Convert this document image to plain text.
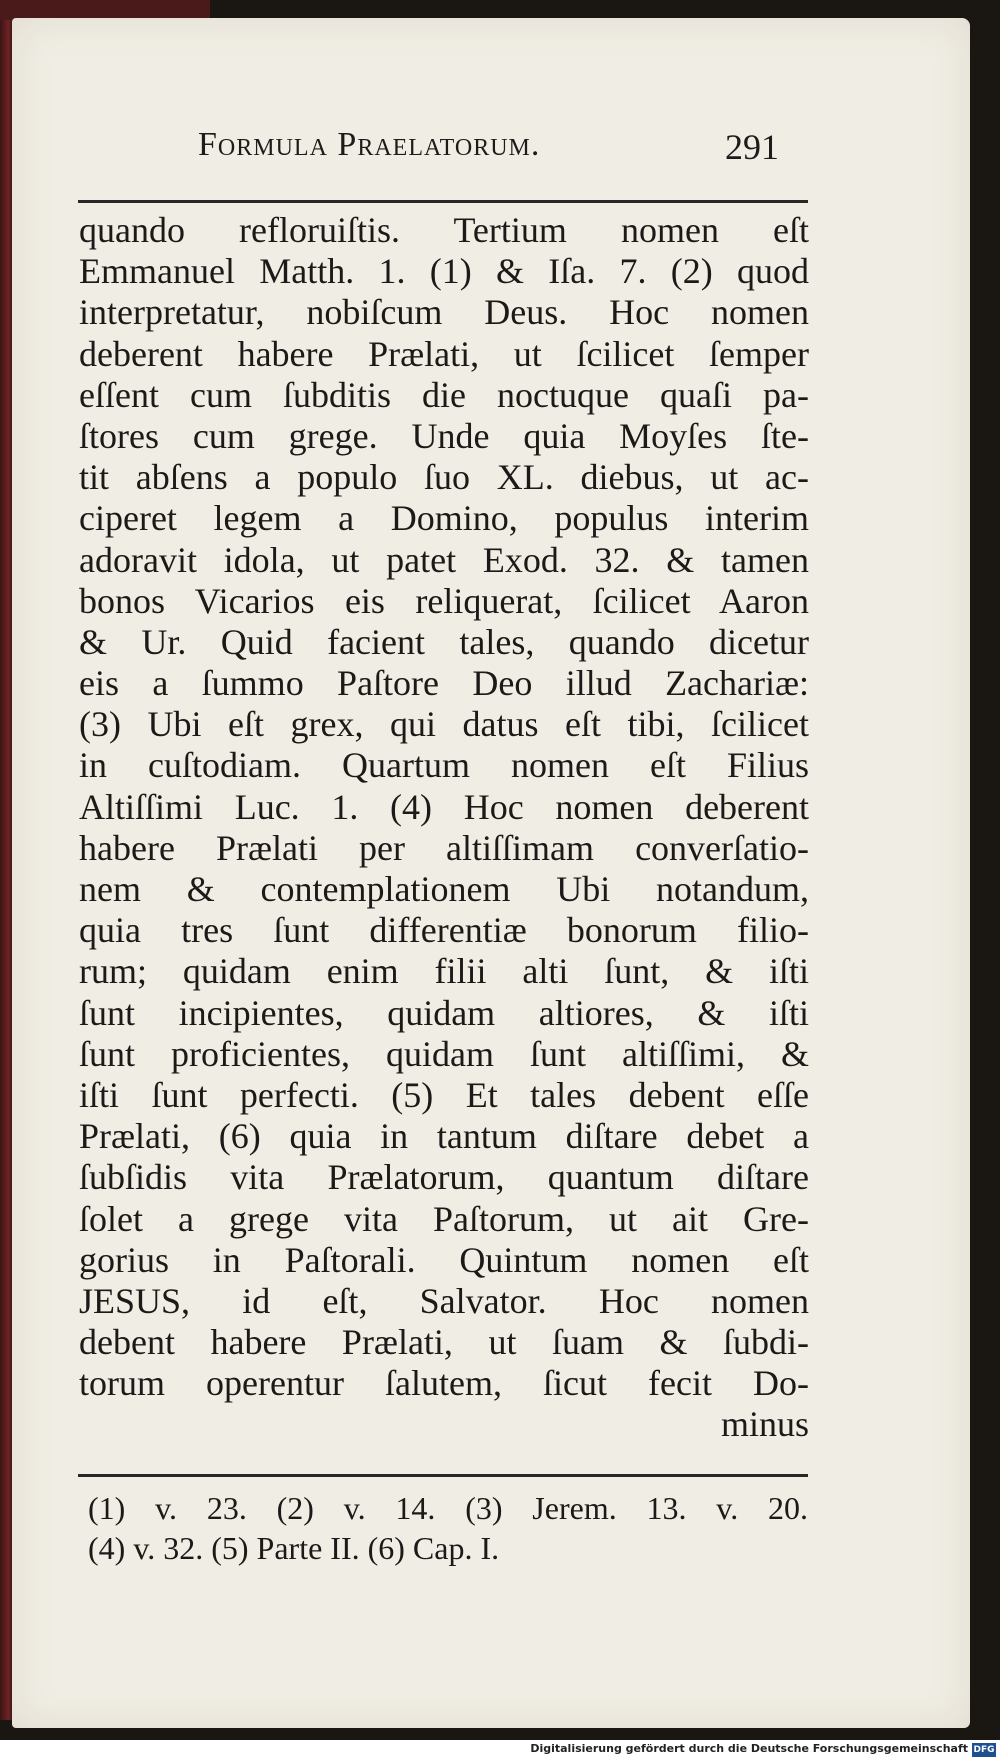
Formula Praelatorum.	291
quando refloruiſtis. Tertium nomen eſt
Emmanuel Matth. 1. (1) & Iſa. 7. (2) quod
interpretatur, nobiſcum Deus. Hoc nomen
deberent habere Prælati, ut ſcilicet ſemper
eſſent cum ſubditis die noctuque quaſi pa-
ſtores cum grege. Unde quia Moyſes ſte-
tit abſens a populo ſuo XL. diebus, ut ac-
ciperet legem a Domino, populus interim
adoravit idola, ut patet Exod. 32. & tamen
bonos Vicarios eis reliquerat, ſcilicet Aaron
& Ur. Quid facient tales, quando dicetur
eis a ſummo Paſtore Deo illud Zachariæ:
(3) Ubi eſt grex, qui datus eſt tibi, ſcilicet
in cuſtodiam. Quartum nomen eſt Filius
Altiſſimi Luc. 1. (4) Hoc nomen deberent
habere Prælati per altiſſimam converſatio-
nem & contemplationem Ubi notandum,
quia tres ſunt differentiæ bonorum filio-
rum; quidam enim filii alti ſunt, & iſti
ſunt incipientes, quidam altiores, & iſti
ſunt proficientes, quidam ſunt altiſſimi, &
iſti ſunt perfecti. (5) Et tales debent eſſe
Prælati, (6) quia in tantum diſtare debet a
ſubſidis vita Prælatorum, quantum diſtare
ſolet a grege vita Paſtorum, ut ait Gre-
gorius in Paſtorali. Quintum nomen eſt
JESUS, id eſt, Salvator. Hoc nomen
debent habere Prælati, ut ſuam & ſubdi-
torum operentur ſalutem, ſicut fecit Do-
minus
(1) v. 23. (2) v. 14. (3) Jerem. 13. v. 20.
(4) v. 32. (5) Parte II. (6) Cap. I.
Digitalisierung gefördert durch die Deutsche Forschungsgemeinschaft DFG
